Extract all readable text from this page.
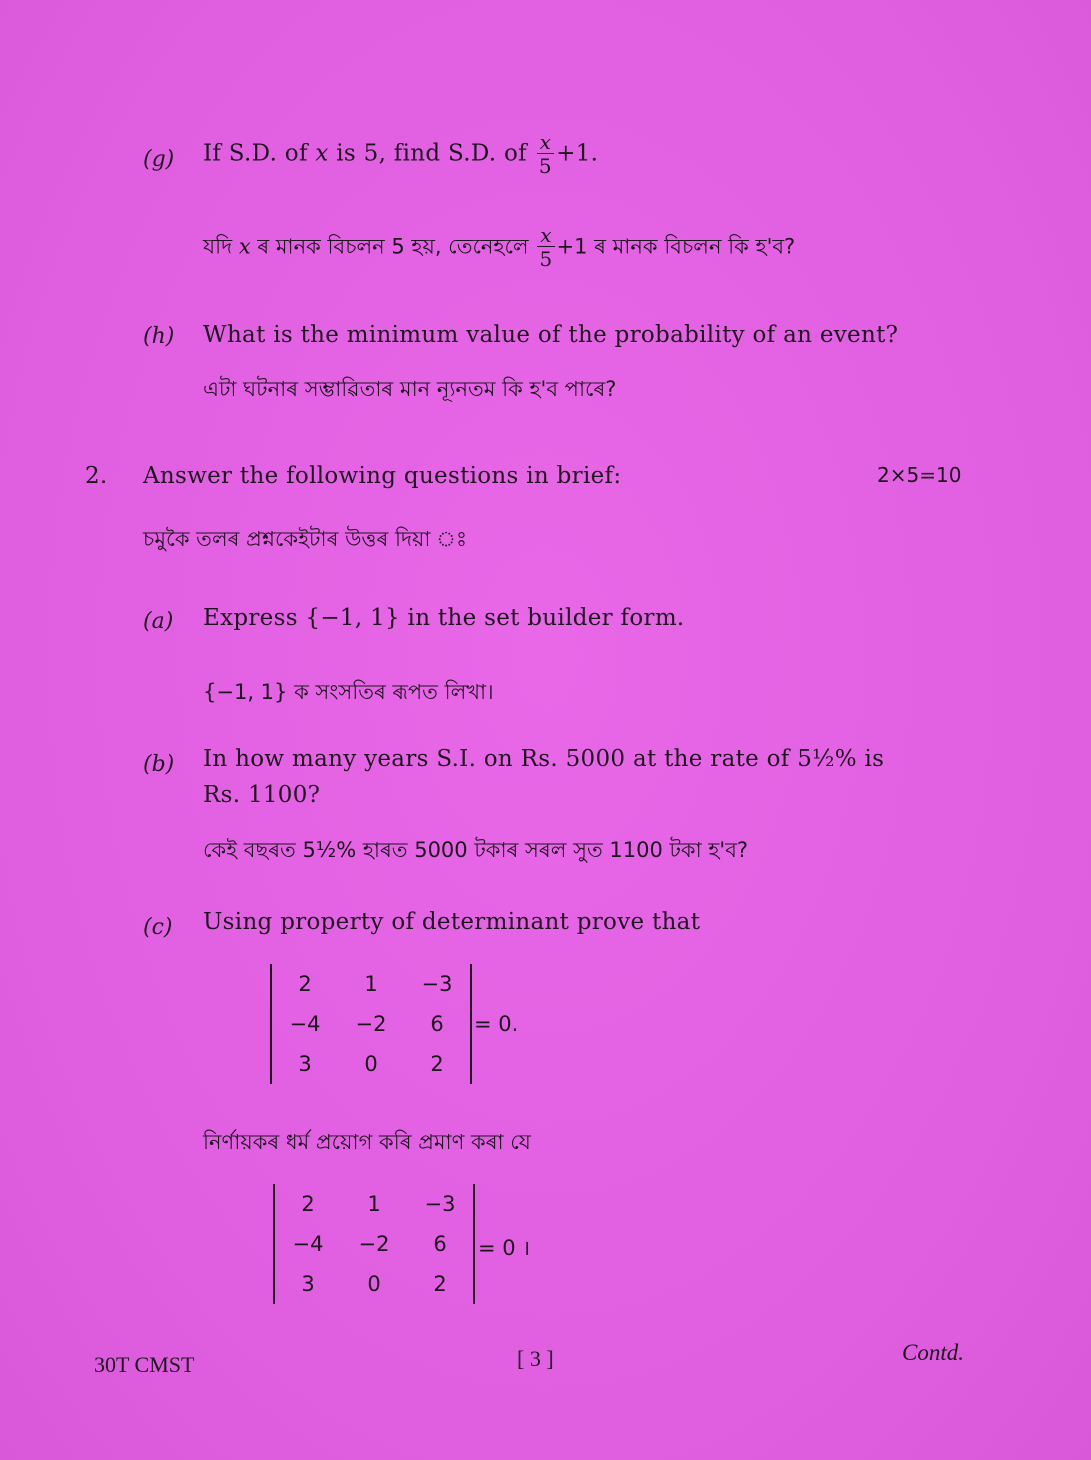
(g) If S.D. of x is 5, find S.D. of $\frac{x}{5} +1$.
যদি x ৰ মানক বিচলন 5 হয়, তেনেহলে $\frac{x}{5} +1$ ৰ মানক বিচলন কি হ'ব?
(h) What is the minimum value of the probability of an event?
এটা ঘটনাৰ সম্ভাৱিতাৰ মান ন্যূনতম কি হ'ব পাৰে?
2. Answer the following questions in brief:	2×5=10
চমুকৈ তলৰ প্ৰশ্নকেইটাৰ উত্তৰ দিয়া ঃ
(a) Express {−1, 1} in the set builder form.
{−1, 1} ক সংসতিৰ ৰূপত লিখা।
(b) In how many years S.I. on Rs. 5000 at the rate of 5½% is
Rs. 1100?
কেই বছৰত 5½% হাৰত 5000 টকাৰ সৰল সুত 1100 টকা হ'ব?
(c) Using property of determinant prove that
2	1	−3
−4	−2	6
3	0	2
= 0.
নিৰ্ণায়কৰ ধৰ্ম প্ৰয়োগ কৰি প্ৰমাণ কৰা যে
2	1	−3
−4	−2	6
3	0	2
= 0 ।
30T CMST	[ 3 ]	Contd.
